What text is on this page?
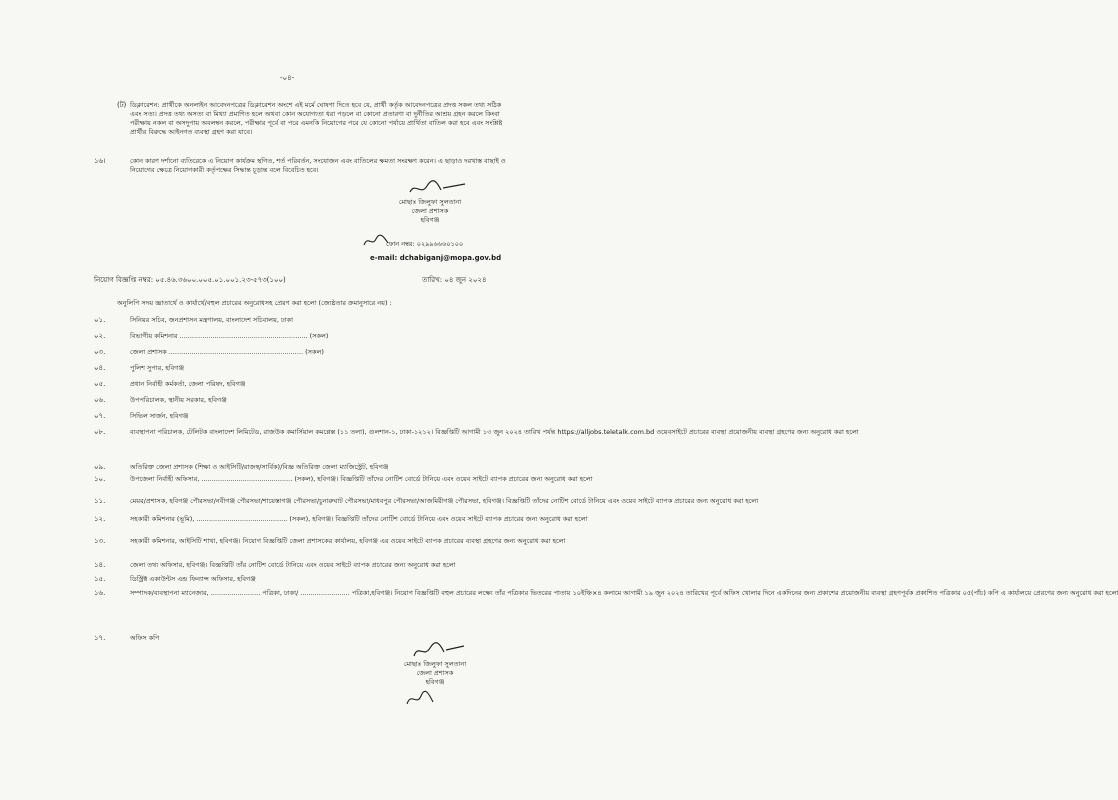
-০৪-
(ট) ডিক্লারেশন: প্রার্থীকে অনলাইন আবেদনপত্রের ডিক্লারেশন অংশে এই মর্মে ঘোষণা দিতে হবে যে, প্রার্থী কর্তৃক আবেদনপত্রের প্রদত্ত সকল তথ্য সঠিক এবং সত্য। প্রদত্ত তথ্য অসত্য বা মিথ্যা প্রমাণিত হলে অথবা কোন অযোগ্যতা ধরা পড়লে বা কোনো প্রতারণা বা দুর্নীতির আশ্রয় গ্রহন করলে কিংবা পরীক্ষায় নকল বা অসদুপায় অবলম্বন করলে, পরীক্ষার পূর্বে বা পরে এমনকি নিয়োগের পরে যে কোনো পর্যায়ে প্রার্থিতা বাতিল করা হবে এবং সংশ্লিষ্ট প্রার্থীর বিরুদ্ধে আইনগত ব্যবস্থা গ্রহণ করা যাবে।
১৬।	কোন কারণ দর্শানো ব্যতিরেকে এ নিয়োগ কার্যক্রম স্থগিত, শর্ত পরিবর্তন, সংযোজন এবং বাতিলের ক্ষমতা সংরক্ষণ করেন। এ ছাড়াও দরখাস্ত বাছাই ও নিয়োগের ক্ষেত্রে নিয়োগকারী কর্তৃপক্ষের সিদ্ধান্ত চূড়ান্ত বলে বিবেচিত হবে।
মোছাঃ জিলুফা সুলতানা
জেলা প্রশাসক
হবিগঞ্জ
ফোন নম্বর: ০২৯৯৬৬৬০১০০
e-mail: dchabiganj@mopa.gov.bd
নিয়োগ বিজ্ঞপ্তি নম্বর: ০৫.৪৬.৩৬০০.০০৫.০১.০০১.২৩-৫৭৩(১০০)	তারিখ: ০৪ জুন ২০২৪
অনুলিপি সদয় জ্ঞাতার্থে ও কার্যার্থে/বহুল প্রচারের অনুরোধসহ প্রেরণ করা হলো (জ্যেষ্ঠতার ক্রমানুসারে নয়) :
০১.	সিনিয়র সচিব, জনপ্রশাসন মন্ত্রণালয়, বাংলাদেশ সচিবালয়, ঢাকা
০২.	বিভাগীয় কমিশনার .............................................................. (সকল)
০৩.	জেলা প্রশাসক ................................................................. (সকল)
০৪.	পুলিশ সুপার, হবিগঞ্জ
০৫.	প্রধান নির্বাহী কর্মকর্তা, জেলা পরিষদ, হবিগঞ্জ
০৬.	উপপরিচালক, স্থানীয় সরকার, হবিগঞ্জ
০৭.	সিভিল সার্জন, হবিগঞ্জ
০৮.	ব্যবস্থাপনা পরিচালক, টেলিটক বাংলাদেশ লিমিটেড, রাজউক কমার্সিয়াল কমপ্লেক্স (১১ তলা), গুলশান-১, ঢাকা-১২১২। বিজ্ঞপ্তিটি আগামী ১৩ জুন ২০২৪ তারিখ পর্যন্ত https://alljobs.teletalk.com.bd ওয়েবসাইটে প্রচারের ব্যবস্থা প্রয়োজনীয় ব্যবস্থা গ্রহণের জন্য অনুরোধ করা হলো
০৯.	অতিরিক্ত জেলা প্রশাসক (শিক্ষা ও আইসিটি/রাজস্ব/সার্বিক)/বিজ্ঞ অতিরিক্ত জেলা ম্যাজিস্ট্রেট, হবিগঞ্জ
১০.	উপজেলা নির্বাহী অফিসার, ............................................ (সকল), হবিগঞ্জ। বিজ্ঞপ্তিটি তাঁদের নোটিশ বোর্ডে টানিয়ে এবং ওয়েব সাইটে ব্যাপক প্রচারের জন্য অনুরোধ করা হলো
১১.	মেয়র/প্রশাসক, হবিগঞ্জ পৌরসভা/নবীগঞ্জ পৌরসভা/শায়েস্তাগঞ্জ পৌরসভা/চুনারুঘাট পৌরসভা/মাধবপুর পৌরসভা/আজমিরীগঞ্জ পৌরসভা, হবিগঞ্জ। বিজ্ঞপ্তিটি তাঁদের নোটিশ বোর্ডে টানিয়ে এবং ওয়েব সাইটে ব্যাপক প্রচারের জন্য অনুরোধ করা হলো
১২.	সহকারী কমিশনার (ভূমি), ............................................ (সকল), হবিগঞ্জ। বিজ্ঞপ্তিটি তাঁদের নোটিশ বোর্ডে টানিয়ে এবং ওয়েব সাইটে ব্যাপক প্রচারের জন্য অনুরোধ করা হলো
১৩.	সহকারী কমিশনার, আইসিটি শাখা, হবিগঞ্জ। নিয়োগ বিজ্ঞপ্তিটি জেলা প্রশাসকের কার্যালয়, হবিগঞ্জ এর ওয়েব সাইটে ব্যাপক প্রচারের ব্যবস্থা গ্রহণের জন্য অনুরোধ করা হলো
১৪.	জেলা তথ্য অফিসার, হবিগঞ্জ। বিজ্ঞপ্তিটি তাঁর নোটিশ বোর্ডে টানিয়ে এবং ওয়েব সাইটে ব্যাপক প্রচারের জন্য অনুরোধ করা হলো
১৫.	ডিস্ট্রিক্ট একাউন্টস এন্ড ফিন্যান্স অফিসার, হবিগঞ্জ
১৬.	সম্পাদক/ব্যবস্থাপনা ম্যানেজার, ........................ পত্রিকা, ঢাকা/ ........................ পত্রিকা,হবিগঞ্জ। নিয়োগ বিজ্ঞপ্তিটি বহুল প্রচারের লক্ষ্যে তাঁর পত্রিকার ভিতরের পাতায় ১০ইঞ্চি×৪ কলামে আগামী ১৯ জুন ২০২৪ তারিখের পূর্বে অফিস খোলার দিনে একদিনের জন্য প্রকাশের প্রয়োজনীয় ব্যবস্থা গ্রহণপূর্বক প্রকাশিত পত্রিকার ০৫(পাঁচ) কপি এ কার্যালয়ে প্রেরণের জন্য অনুরোধ করা হলো
১৭.	অফিস কপি
মোছাঃ জিলুফা সুলতানা
জেলা প্রশাসক
হবিগঞ্জ
